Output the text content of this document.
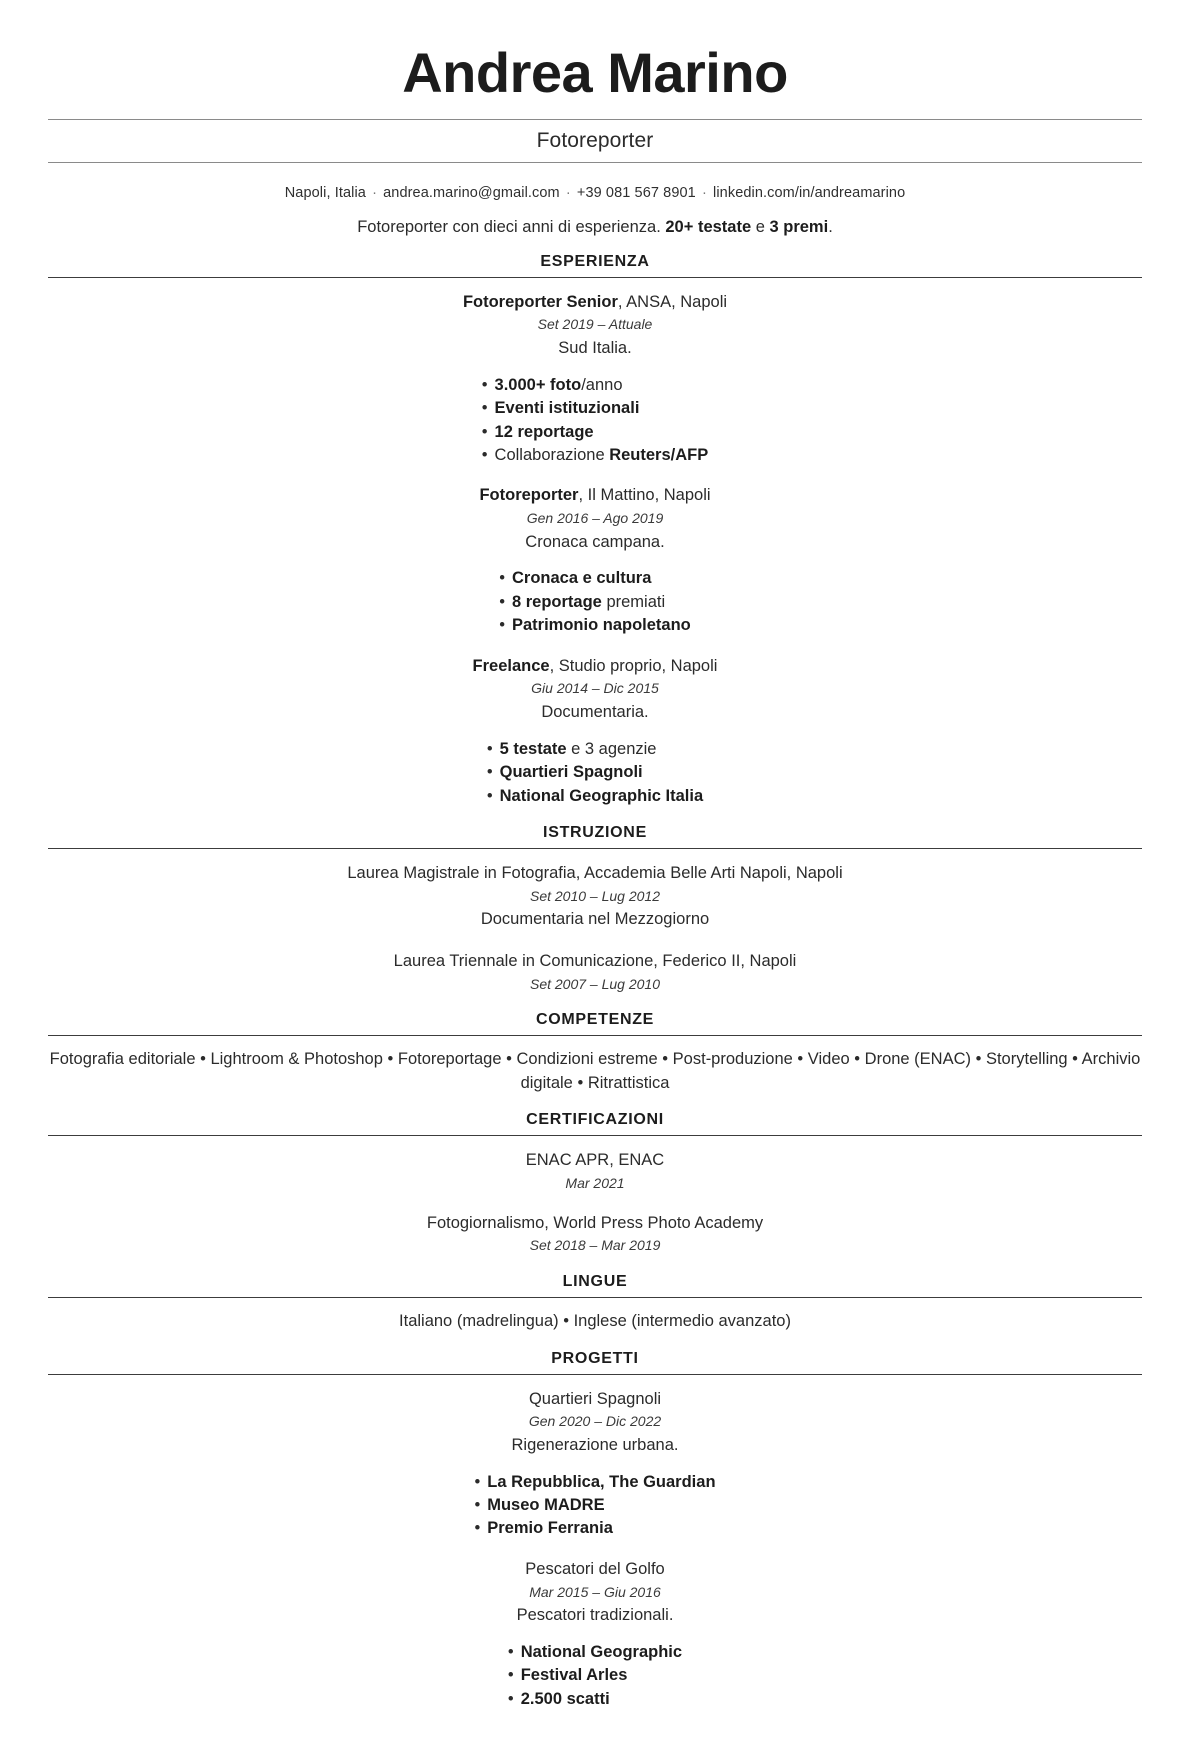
Andrea Marino
Fotoreporter
Napoli, Italia · andrea.marino@gmail.com · +39 081 567 8901 · linkedin.com/in/andreamarino
Fotoreporter con dieci anni di esperienza. 20+ testate e 3 premi.
ESPERIENZA
Fotoreporter Senior, ANSA, Napoli
Set 2019 – Attuale
Sud Italia.
• 3.000+ foto/anno
• Eventi istituzionali
• 12 reportage
• Collaborazione Reuters/AFP
Fotoreporter, Il Mattino, Napoli
Gen 2016 – Ago 2019
Cronaca campana.
• Cronaca e cultura
• 8 reportage premiati
• Patrimonio napoletano
Freelance, Studio proprio, Napoli
Giu 2014 – Dic 2015
Documentaria.
• 5 testate e 3 agenzie
• Quartieri Spagnoli
• National Geographic Italia
ISTRUZIONE
Laurea Magistrale in Fotografia, Accademia Belle Arti Napoli, Napoli
Set 2010 – Lug 2012
Documentaria nel Mezzogiorno
Laurea Triennale in Comunicazione, Federico II, Napoli
Set 2007 – Lug 2010
COMPETENZE
Fotografia editoriale • Lightroom & Photoshop • Fotoreportage • Condizioni estreme • Post-produzione • Video • Drone (ENAC) • Storytelling • Archivio digitale • Ritrattistica
CERTIFICAZIONI
ENAC APR, ENAC
Mar 2021
Fotogiornalismo, World Press Photo Academy
Set 2018 – Mar 2019
LINGUE
Italiano (madrelingua) • Inglese (intermedio avanzato)
PROGETTI
Quartieri Spagnoli
Gen 2020 – Dic 2022
Rigenerazione urbana.
• La Repubblica, The Guardian
• Museo MADRE
• Premio Ferrania
Pescatori del Golfo
Mar 2015 – Giu 2016
Pescatori tradizionali.
• National Geographic
• Festival Arles
• 2.500 scatti
